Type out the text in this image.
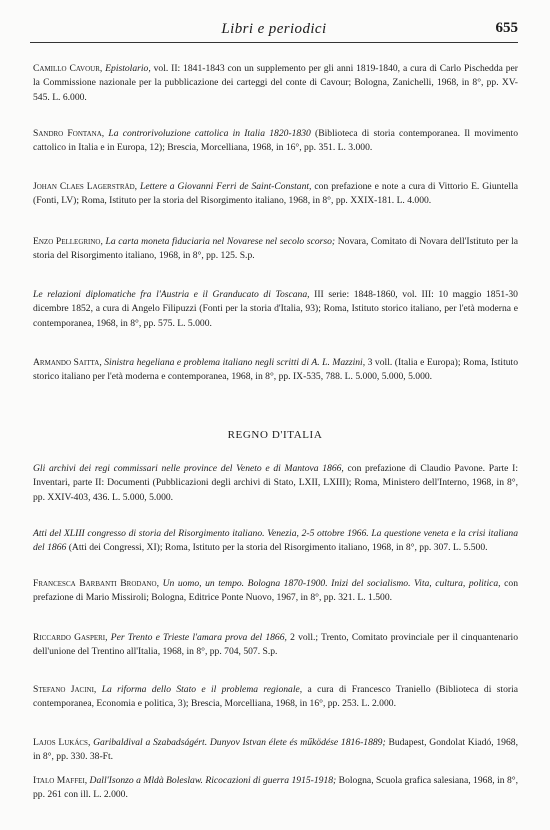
Libri e periodici	655
Camillo Cavour, Epistolario, vol. II: 1841-1843 con un supplemento per gli anni 1819-1840, a cura di Carlo Pischedda per la Commissione nazionale per la pubblicazione dei carteggi del conte di Cavour; Bologna, Zanichelli, 1968, in 8°, pp. XV-545. L. 6.000.
Sandro Fontana, La controrivoluzione cattolica in Italia 1820-1830 (Biblioteca di storia contemporanea. Il movimento cattolico in Italia e in Europa, 12); Brescia, Morcelliana, 1968, in 16°, pp. 351. L. 3.000.
Johan Claes Lagerstråd, Lettere a Giovanni Ferri de Saint-Constant, con prefazione e note a cura di Vittorio E. Giuntella (Fonti, LV); Roma, Istituto per la storia del Risorgimento italiano, 1968, in 8°, pp. XXIX-181. L. 4.000.
Enzo Pellegrino, La carta moneta fiduciaria nel Novarese nel secolo scorso; Novara, Comitato di Novara dell'Istituto per la storia del Risorgimento italiano, 1968, in 8°, pp. 125. S.p.
Le relazioni diplomatiche fra l'Austria e il Granducato di Toscana, III serie: 1848-1860, vol. III: 10 maggio 1851-30 dicembre 1852, a cura di Angelo Filipuzzi (Fonti per la storia d'Italia, 93); Roma, Istituto storico italiano, per l'età moderna e contemporanea, 1968, in 8°, pp. 575. L. 5.000.
Armando Saitta, Sinistra hegeliana e problema italiano negli scritti di A. L. Mazzini, 3 voll. (Italia e Europa); Roma, Istituto storico italiano per l'età moderna e contemporanea, 1968, in 8°, pp. IX-535, 788. L. 5.000, 5.000, 5.000.
REGNO D'ITALIA
Gli archivi dei regi commissari nelle province del Veneto e di Mantova 1866, con prefazione di Claudio Pavone. Parte I: Inventari, parte II: Documenti (Pubblicazioni degli archivi di Stato, LXII, LXIII); Roma, Ministero dell'Interno, 1968, in 8°, pp. XXIV-403, 436. L. 5.000, 5.000.
Atti del XLIII congresso di storia del Risorgimento italiano. Venezia, 2-5 ottobre 1966. La questione veneta e la crisi italiana del 1866 (Atti dei Congressi, XI); Roma, Istituto per la storia del Risorgimento italiano, 1968, in 8°, pp. 307. L. 5.500.
Francesca Barbanti Brodano, Un uomo, un tempo. Bologna 1870-1900. Inizi del socialismo. Vita, cultura, politica, con prefazione di Mario Missiroli; Bologna, Editrice Ponte Nuovo, 1967, in 8°, pp. 321. L. 1.500.
Riccardo Gasperi, Per Trento e Trieste l'amara prova del 1866, 2 voll.; Trento, Comitato provinciale per il cinquantenario dell'unione del Trentino all'Italia, 1968, in 8°, pp. 704, 507. S.p.
Stefano Jacini, La riforma dello Stato e il problema regionale, a cura di Francesco Traniello (Biblioteca di storia contemporanea, Economia e politica, 3); Brescia, Morcelliana, 1968, in 16°, pp. 253. L. 2.000.
Lajos Lukács, Garibaldival a Szabadságért. Dunyov Istvan élete és működése 1816-1889; Budapest, Gondolat Kiadó, 1968, in 8°, pp. 330. 38-Ft.
Italo Maffei, Dall'Isonzo a Mldà Boleslaw. Ricocazioni di guerra 1915-1918; Bologna, Scuola grafica salesiana, 1968, in 8°, pp. 261 con ill. L. 2.000.
